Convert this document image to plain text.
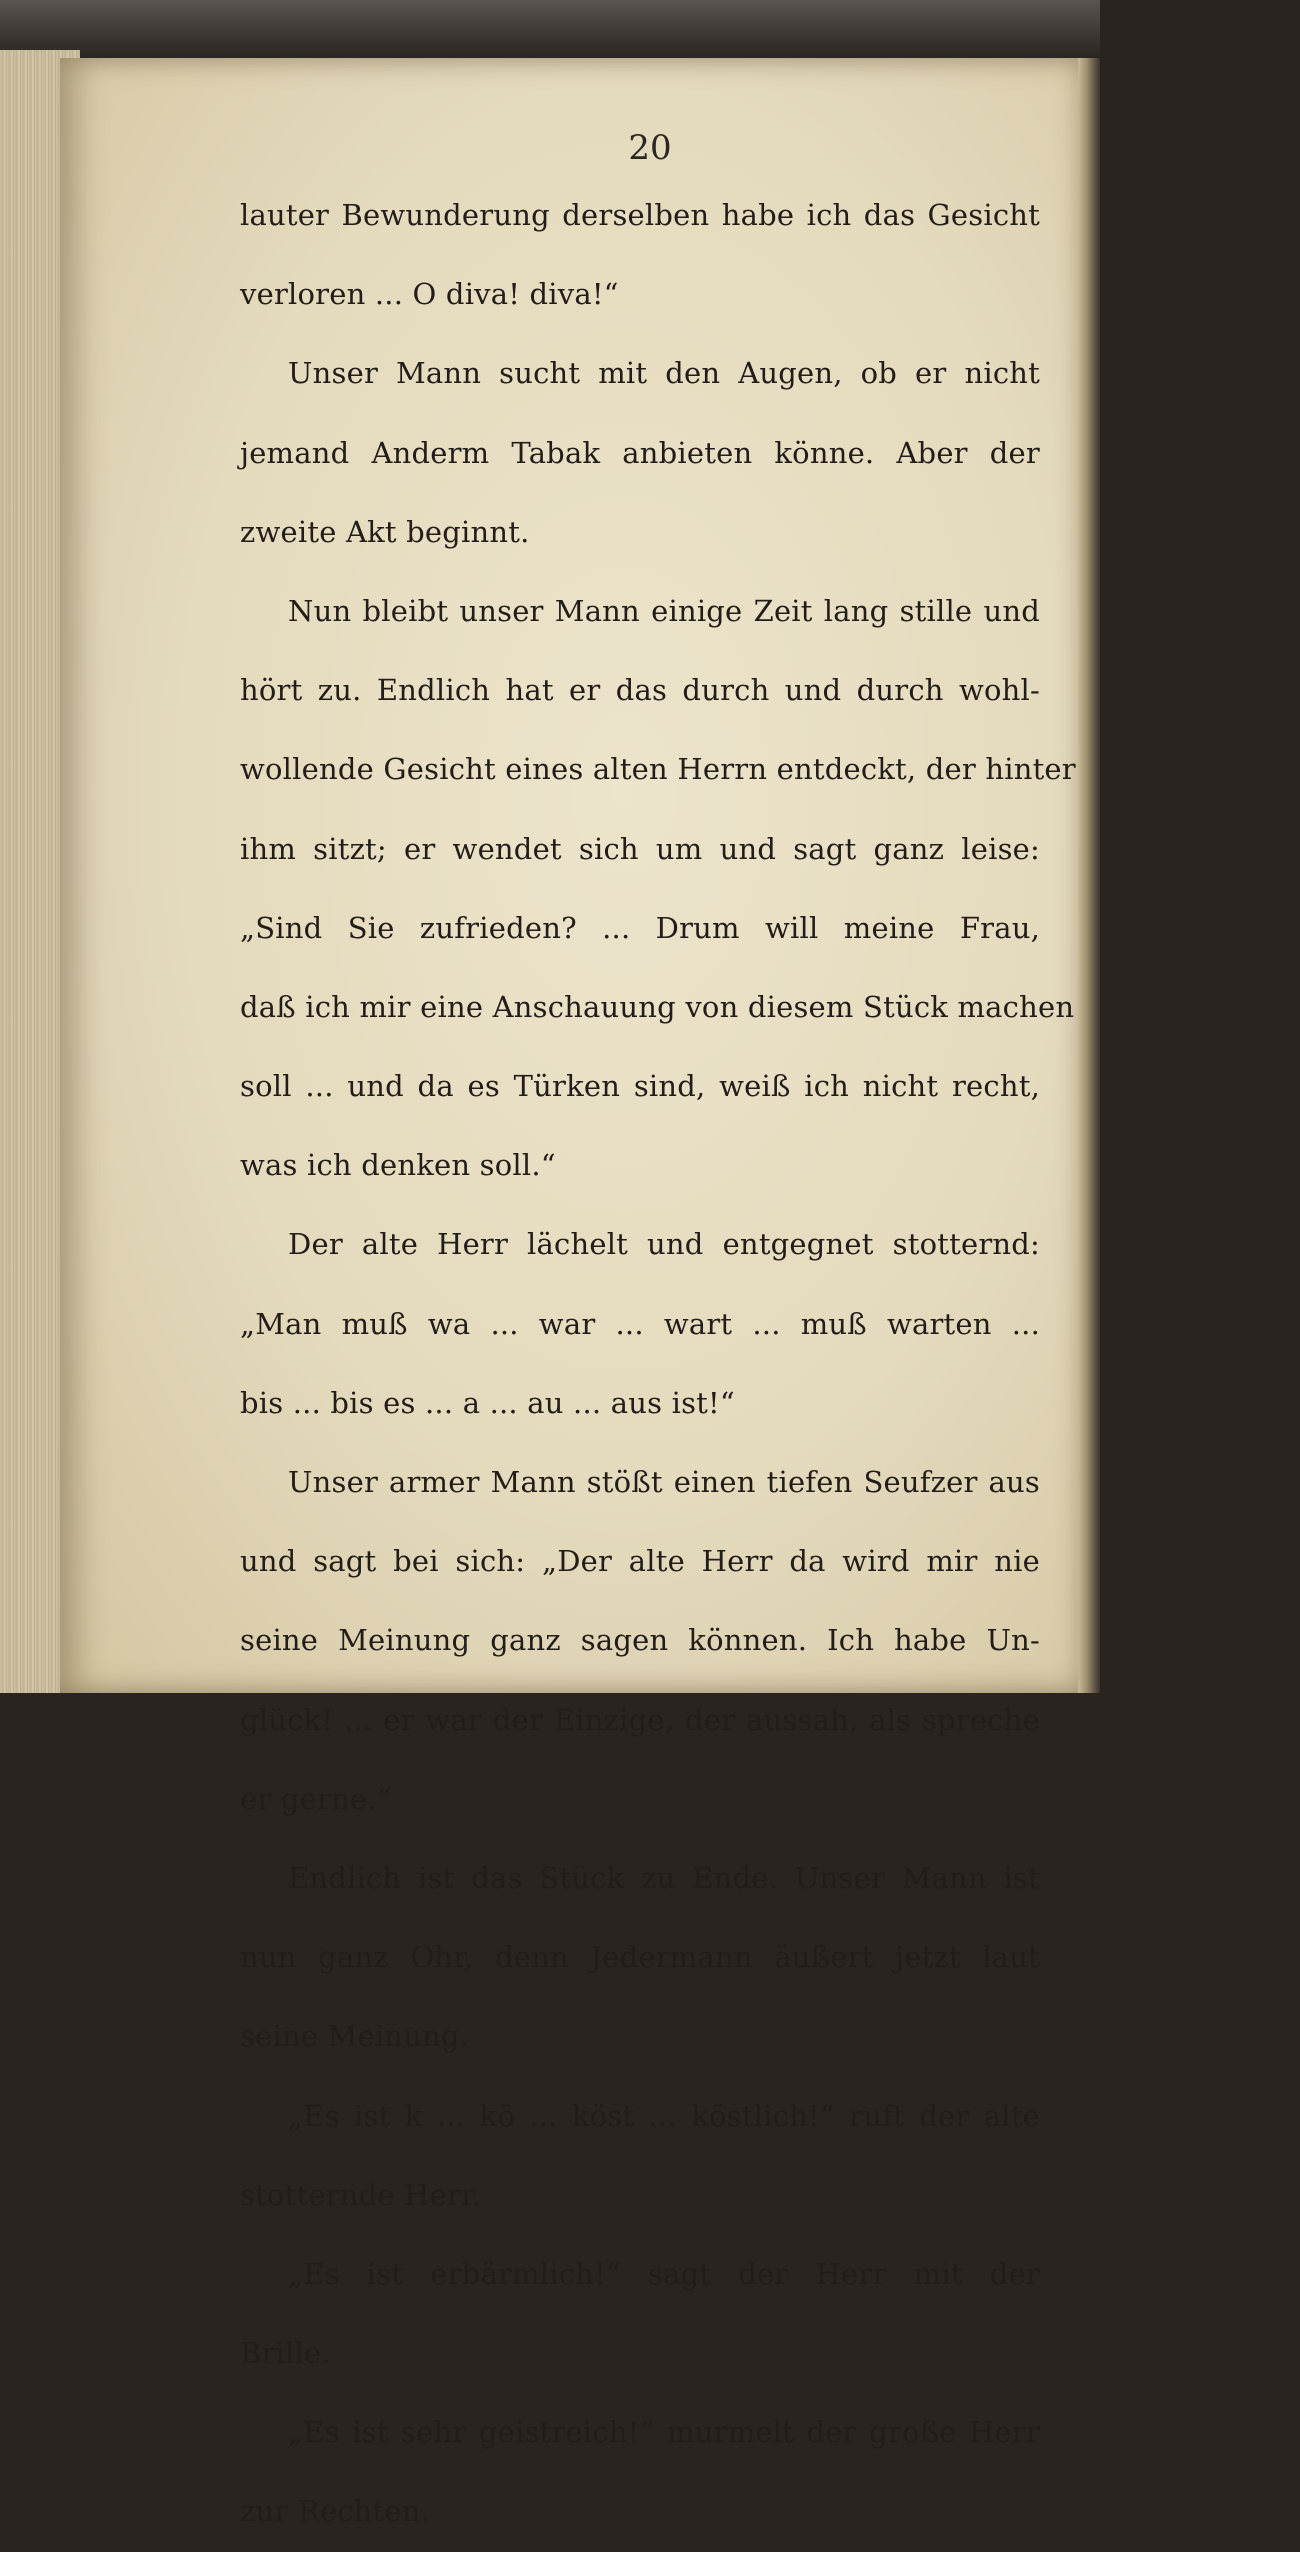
20
lauter Bewunderung derselben habe ich das Gesicht
verloren ... O diva! diva!“
Unser Mann sucht mit den Augen, ob er nicht
jemand Anderm Tabak anbieten könne. Aber der
zweite Akt beginnt.
Nun bleibt unser Mann einige Zeit lang stille und
hört zu. Endlich hat er das durch und durch wohl-
wollende Gesicht eines alten Herrn entdeckt, der hinter
ihm sitzt; er wendet sich um und sagt ganz leise:
„Sind Sie zufrieden? ... Drum will meine Frau,
daß ich mir eine Anschauung von diesem Stück machen
soll ... und da es Türken sind, weiß ich nicht recht,
was ich denken soll.“
Der alte Herr lächelt und entgegnet stotternd:
„Man muß wa ... war ... wart ... muß warten ...
bis ... bis es ... a ... au ... aus ist!“
Unser armer Mann stößt einen tiefen Seufzer aus
und sagt bei sich: „Der alte Herr da wird mir nie
seine Meinung ganz sagen können. Ich habe Un-
glück! ... er war der Einzige, der aussah, als spreche
er gerne.“
Endlich ist das Stück zu Ende. Unser Mann ist
nun ganz Ohr, denn Jedermann äußert jetzt laut
seine Meinung.
„Es ist k ... kö ... köst ... köstlich!“ ruft der alte
stotternde Herr.
„Es ist erbärmlich!“ sagt der Herr mit der
Brille.
„Es ist sehr geistreich!“ murmelt der große Herr
zur Rechten.
